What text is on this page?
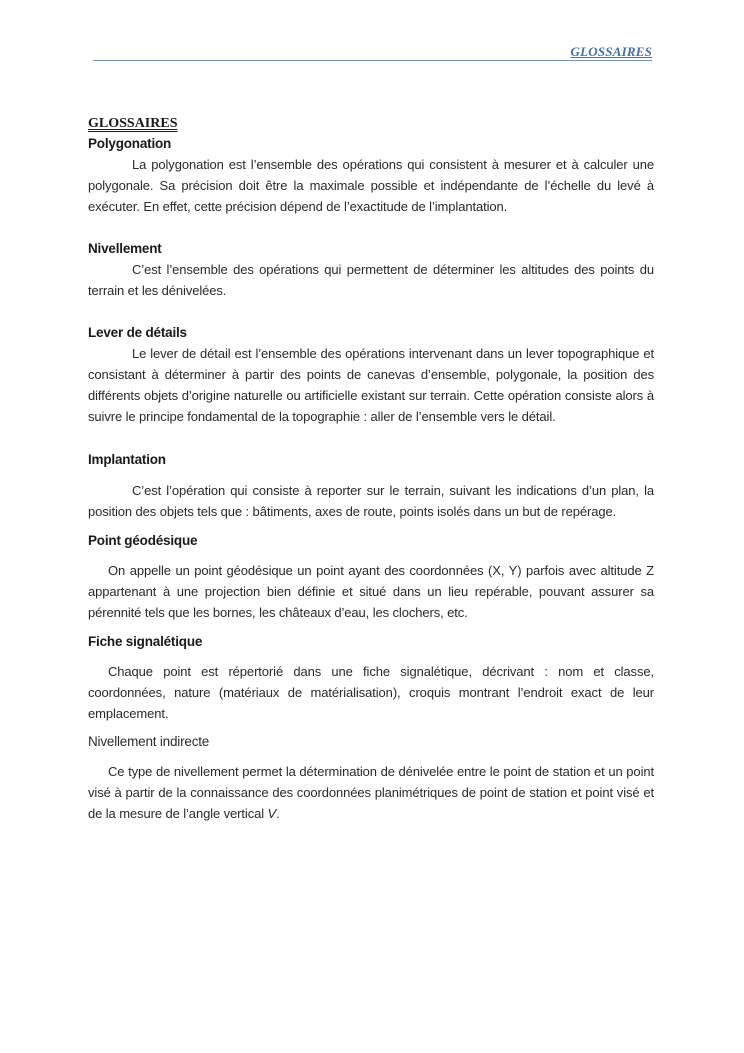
GLOSSAIRES
GLOSSAIRES
Polygonation

La polygonation est l’ensemble des opérations qui consistent à mesurer et à calculer une polygonale. Sa précision doit être la maximale possible et indépendante de l’échelle du levé à exécuter. En effet, cette précision dépend de l’exactitude de l’implantation.

Nivellement

C’est l’ensemble des opérations qui permettent de déterminer les altitudes des points du terrain et les dénivelées.

Lever de détails

Le lever de détail est l’ensemble des opérations intervenant dans un lever topographique et consistant à déterminer à partir des points de canevas d’ensemble, polygonale, la position des différents objets d’origine naturelle ou artificielle existant sur terrain. Cette opération consiste alors à suivre le principe fondamental de la topographie : aller de l’ensemble vers le détail.

Implantation

C’est l’opération qui consiste à reporter sur le terrain, suivant les indications d’un plan, la position des objets tels que : bâtiments, axes de route, points isolés dans un but de repérage.

Point géodésique

On appelle un point géodésique un point ayant des coordonnées (X, Y) parfois avec altitude Z appartenant à une projection bien définie et situé dans un lieu repérable, pouvant assurer sa pérennité tels que les bornes, les châteaux d’eau, les clochers, etc.

Fiche signalétique

Chaque point est répertorié dans une fiche signalétique, décrivant : nom et classe, coordonnées, nature (matériaux de matérialisation), croquis montrant l’endroit exact de leur emplacement.

Nivellement indirecte

Ce type de nivellement permet la détermination de dénivelée entre le point de station et un point visé à partir de la connaissance des coordonnées planimétriques de point de station et point visé et de la mesure de l’angle vertical V.
